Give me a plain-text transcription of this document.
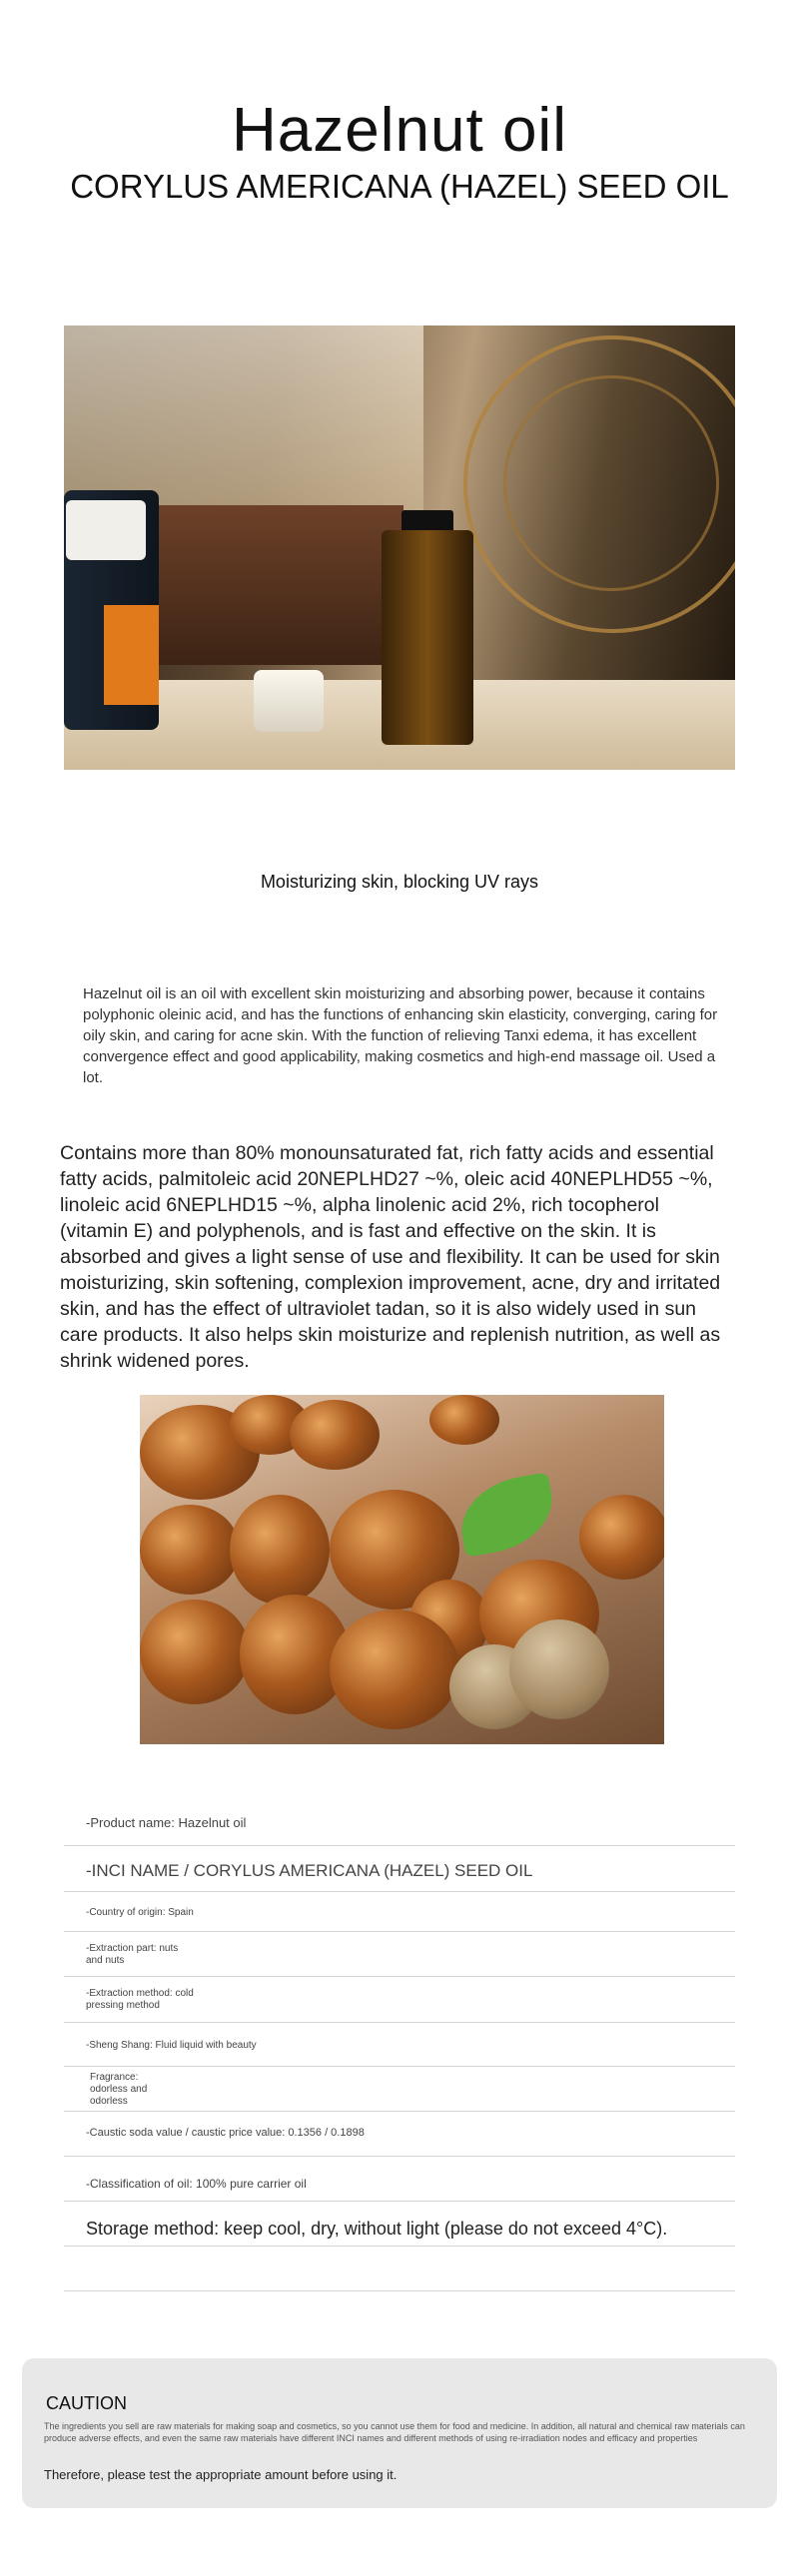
Hazelnut oil
CORYLUS AMERICANA (HAZEL) SEED OIL
Moisturizing skin, blocking UV rays
Hazelnut oil is an oil with excellent skin moisturizing and absorbing power, because it contains polyphonic oleinic acid, and has the functions of enhancing skin elasticity, converging, caring for oily skin, and caring for acne skin. With the function of relieving Tanxi edema, it has excellent convergence effect and good applicability, making cosmetics and high-end massage oil. Used a lot.
Contains more than 80% monounsaturated fat, rich fatty acids and essential fatty acids, palmitoleic acid 20NEPLHD27 ~%, oleic acid 40NEPLHD55 ~%, linoleic acid 6NEPLHD15 ~%, alpha linolenic acid 2%, rich tocopherol (vitamin E) and polyphenols, and is fast and effective on the skin. It is absorbed and gives a light sense of use and flexibility. It can be used for skin moisturizing, skin softening, complexion improvement, acne, dry and irritated skin, and has the effect of ultraviolet tadan, so it is also widely used in sun care products. It also helps skin moisturize and replenish nutrition, as well as shrink widened pores.
-Product name: Hazelnut oil
-INCI NAME / CORYLUS AMERICANA (HAZEL) SEED OIL
-Country of origin: Spain

-Extraction part: nuts
and nuts

-Extraction method: cold
pressing method

-Sheng Shang: Fluid liquid with beauty

Fragrance:
odorless and
odorless

-Caustic soda value / caustic price value: 0.1356 / 0.1898
-Classification of oil: 100% pure carrier oil
Storage method: keep cool, dry, without light (please do not exceed 4°C).
CAUTION
The ingredients you sell are raw materials for making soap and cosmetics, so you cannot use them for food and medicine. In addition, all natural and chemical raw materials can produce adverse effects, and even the same raw materials have different INCI names and different methods of using re-irradiation nodes and efficacy and properties
Therefore, please test the appropriate amount before using it.
